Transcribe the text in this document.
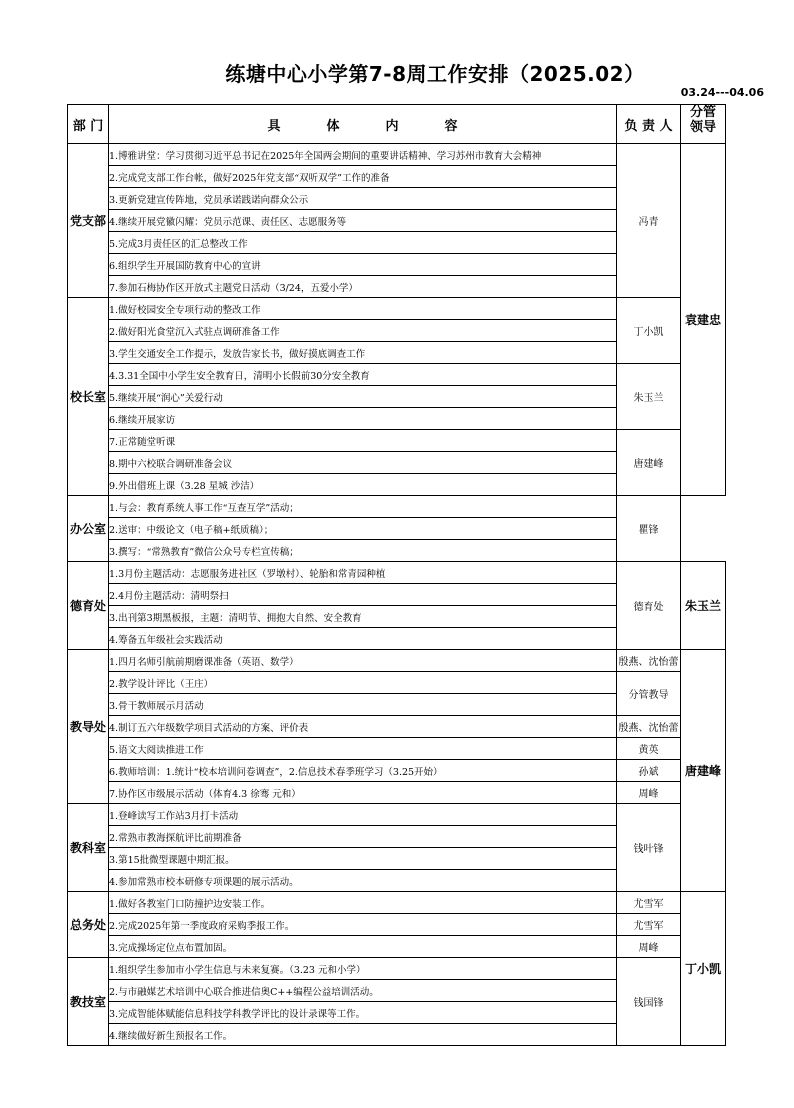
练塘中心小学第7-8周工作安排（2025.02）
03.24---04.06
部 门	具 体 内 容	负 责 人	分管
领导
党支部	1.博雅讲堂：学习贯彻习近平总书记在2025年全国两会期间的重要讲话精神、学习苏州市教育大会精神	冯青	袁建忠
	2.完成党支部工作台帐，做好2025年党支部“双听双学”工作的准备		
	3.更新党建宣传阵地，党员承诺践诺向群众公示		
	4.继续开展党徽闪耀：党员示范课、责任区、志愿服务等		
	5.完成3月责任区的汇总整改工作		
	6.组织学生开展国防教育中心的宣讲		
	7.参加石梅协作区开放式主题党日活动（3/24，五爱小学）		
校长室	1.做好校园安全专项行动的整改工作	丁小凯	
	2.做好阳光食堂沉入式驻点调研准备工作		
	3.学生交通安全工作提示，发放告家长书，做好摸底调查工作		
	4.3.31全国中小学生安全教育日，清明小长假前30分安全教育	朱玉兰	
	5.继续开展“润心”关爱行动		
	6.继续开展家访		
	7.正常随堂听课	唐建峰	
	8.期中六校联合调研准备会议		
	9.外出借班上课（3.28 星城 沙洁）		
办公室	1.与会：教育系统人事工作“互查互学”活动；	瞿锋	
	2.送审：中级论文（电子稿+纸质稿）；		
	3.撰写：“常熟教育”微信公众号专栏宣传稿；		
德育处	1.3月份主题活动：志愿服务进社区（罗墩村）、轮胎和常青园种植	德育处	朱玉兰
	2.4月份主题活动：清明祭扫		
	3.出刊第3期黑板报，主题：清明节、拥抱大自然、安全教育		
	4.筹备五年级社会实践活动		
教导处	1.四月名师引航前期磨课准备（英语、数学）	殷燕、沈怡蕾	唐建峰
	2.教学设计评比（王庄）	分管教导	
	3.骨干教师展示月活动		
	4.制订五六年级数学项目式活动的方案、评价表	殷燕、沈怡蕾	

	5.语文大阅读推进工作	黄英	
	6.教师培训：1.统计“校本培训问卷调查”，2.信息技术春季班学习（3.25开始）	孙斌	
	7.协作区市级展示活动（体育4.3 徐骞 元和）	周峰	
教科室	1.登峰读写工作站3月打卡活动	钱叶锋	
	2.常熟市教海探航评比前期准备		
	3.第15批微型课题中期汇报。		
	4.参加常熟市校本研修专项课题的展示活动。		
总务处	1.做好各教室门口防撞护边安装工作。	尤雪军	丁小凯
	2.完成2025年第一季度政府采购季报工作。	尤雪军	
	3.完成操场定位点布置加固。	周峰	
教技室	1.组织学生参加市小学生信息与未来复赛。（3.23 元和小学）	钱国锋	
	2.与市融媒艺术培训中心联合推进信奥C++编程公益培训活动。		
	3.完成智能体赋能信息科技学科教学评比的设计录课等工作。		
	4.继续做好新生预报名工作。		
